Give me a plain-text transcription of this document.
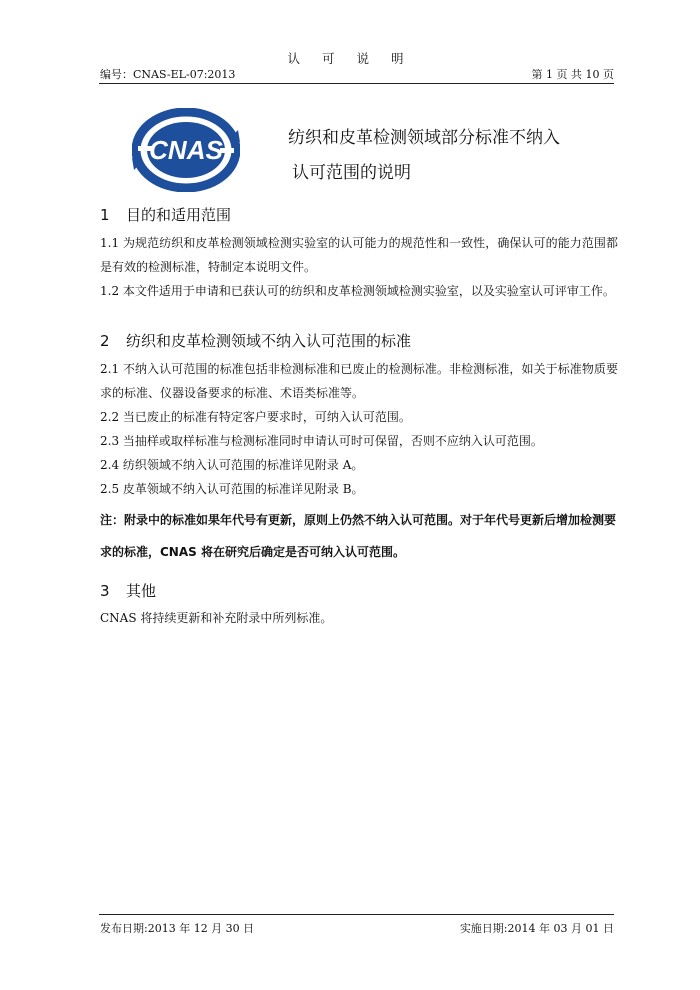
认 可 说 明
编号：CNAS-EL-07:2013	第 1 页 共 10 页
CNAS	纺织和皮革检测领域部分标准不纳入
认可范围的说明
1 目的和适用范围
1.1 为规范纺织和皮革检测领域检测实验室的认可能力的规范性和一致性，确保认可的能力范围都是有效的检测标准，特制定本说明文件。
1.2 本文件适用于申请和已获认可的纺织和皮革检测领域检测实验室，以及实验室认可评审工作。
2 纺织和皮革检测领域不纳入认可范围的标准
2.1 不纳入认可范围的标准包括非检测标准和已废止的检测标准。非检测标准，如关于标准物质要求的标准、仪器设备要求的标准、术语类标准等。
2.2 当已废止的标准有特定客户要求时，可纳入认可范围。
2.3 当抽样或取样标准与检测标准同时申请认可时可保留，否则不应纳入认可范围。
2.4 纺织领域不纳入认可范围的标准详见附录 A。
2.5 皮革领域不纳入认可范围的标准详见附录 B。
注：附录中的标准如果年代号有更新，原则上仍然不纳入认可范围。对于年代号更新后增加检测要求的标准，CNAS 将在研究后确定是否可纳入认可范围。
3 其他
CNAS 将持续更新和补充附录中所列标准。
发布日期:2013 年 12 月 30 日	实施日期:2014 年 03 月 01 日
